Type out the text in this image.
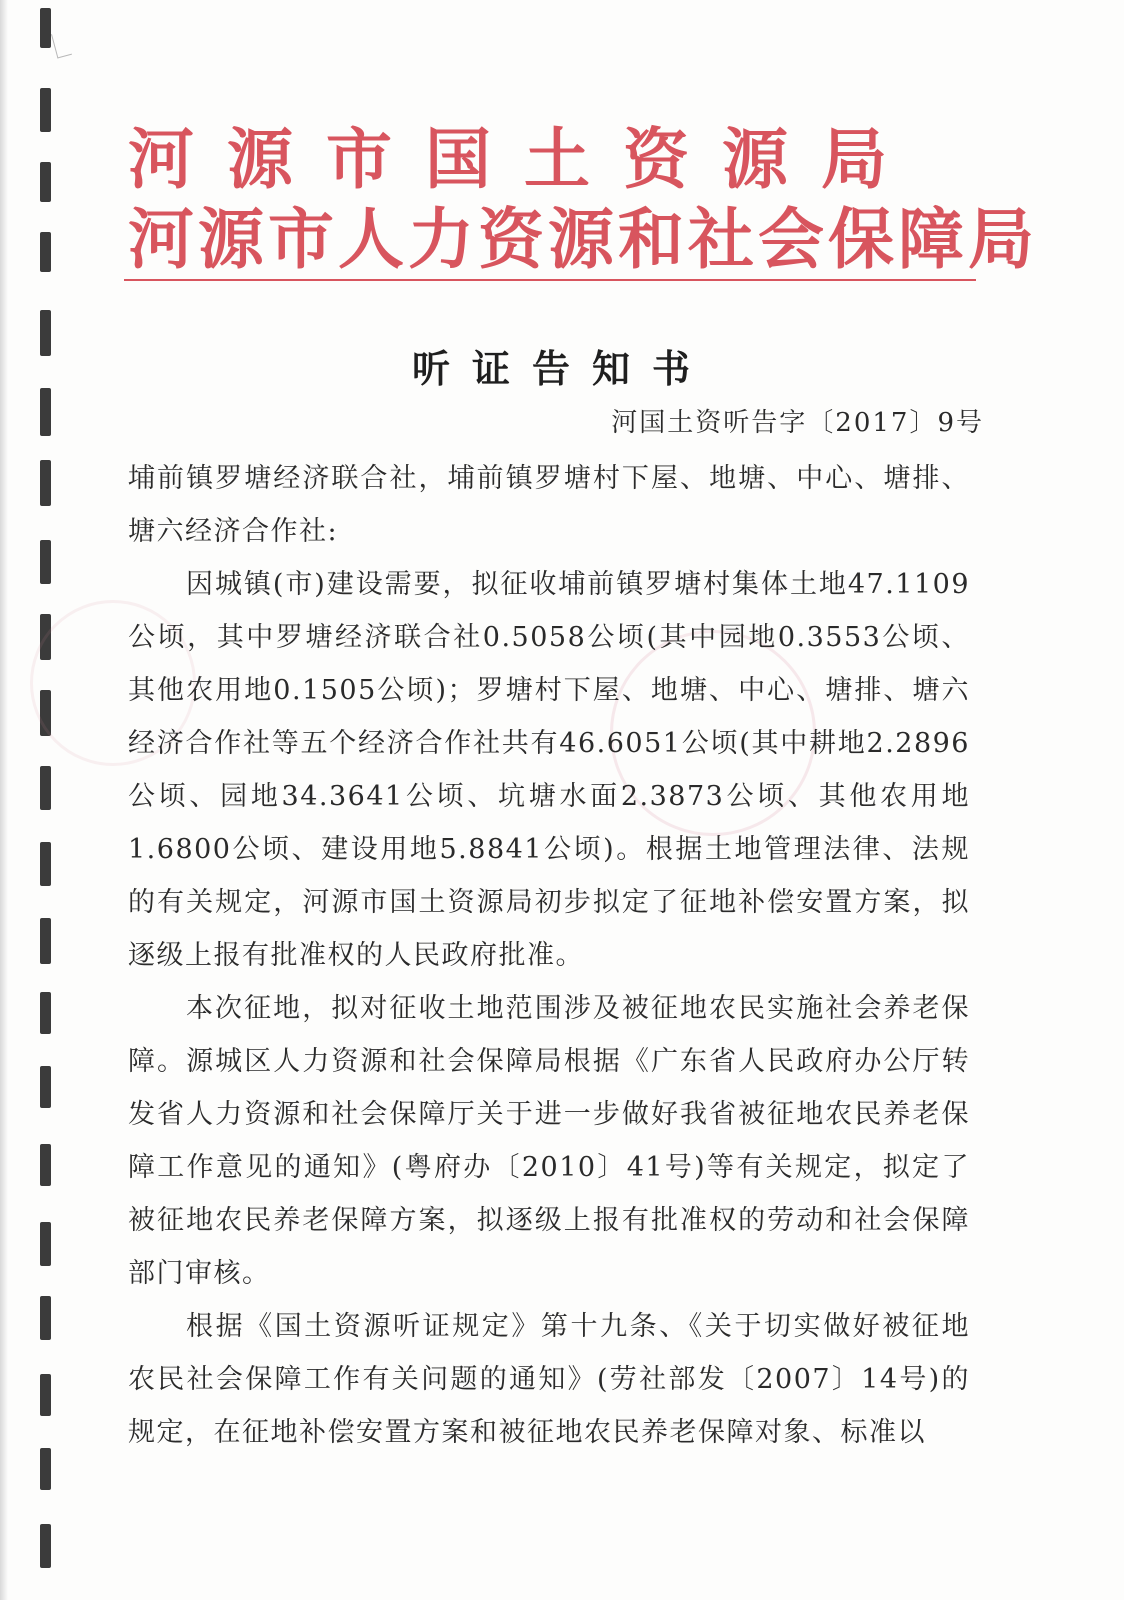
河源市国土资源局
河源市人力资源和社会保障局
听证告知书
河国土资听告字〔2017〕9号

埔前镇罗塘经济联合社，埔前镇罗塘村下屋、地塘、中心、塘排、塘六经济合作社:

因城镇(市)建设需要，拟征收埔前镇罗塘村集体土地47.1109公顷，其中罗塘经济联合社0.5058公顷(其中园地0.3553公顷、其他农用地0.1505公顷)；罗塘村下屋、地塘、中心、塘排、塘六经济合作社等五个经济合作社共有46.6051公顷(其中耕地2.2896公顷、园地34.3641公顷、坑塘水面2.3873公顷、其他农用地1.6800公顷、建设用地5.8841公顷)。根据土地管理法律、法规的有关规定，河源市国土资源局初步拟定了征地补偿安置方案，拟逐级上报有批准权的人民政府批准。

本次征地，拟对征收土地范围涉及被征地农民实施社会养老保障。源城区人力资源和社会保障局根据《广东省人民政府办公厅转发省人力资源和社会保障厅关于进一步做好我省被征地农民养老保障工作意见的通知》(粤府办〔2010〕41号)等有关规定，拟定了被征地农民养老保障方案，拟逐级上报有批准权的劳动和社会保障部门审核。

根据《国土资源听证规定》第十九条、《关于切实做好被征地农民社会保障工作有关问题的通知》(劳社部发〔2007〕14号)的规定，在征地补偿安置方案和被征地农民养老保障对象、标准以
